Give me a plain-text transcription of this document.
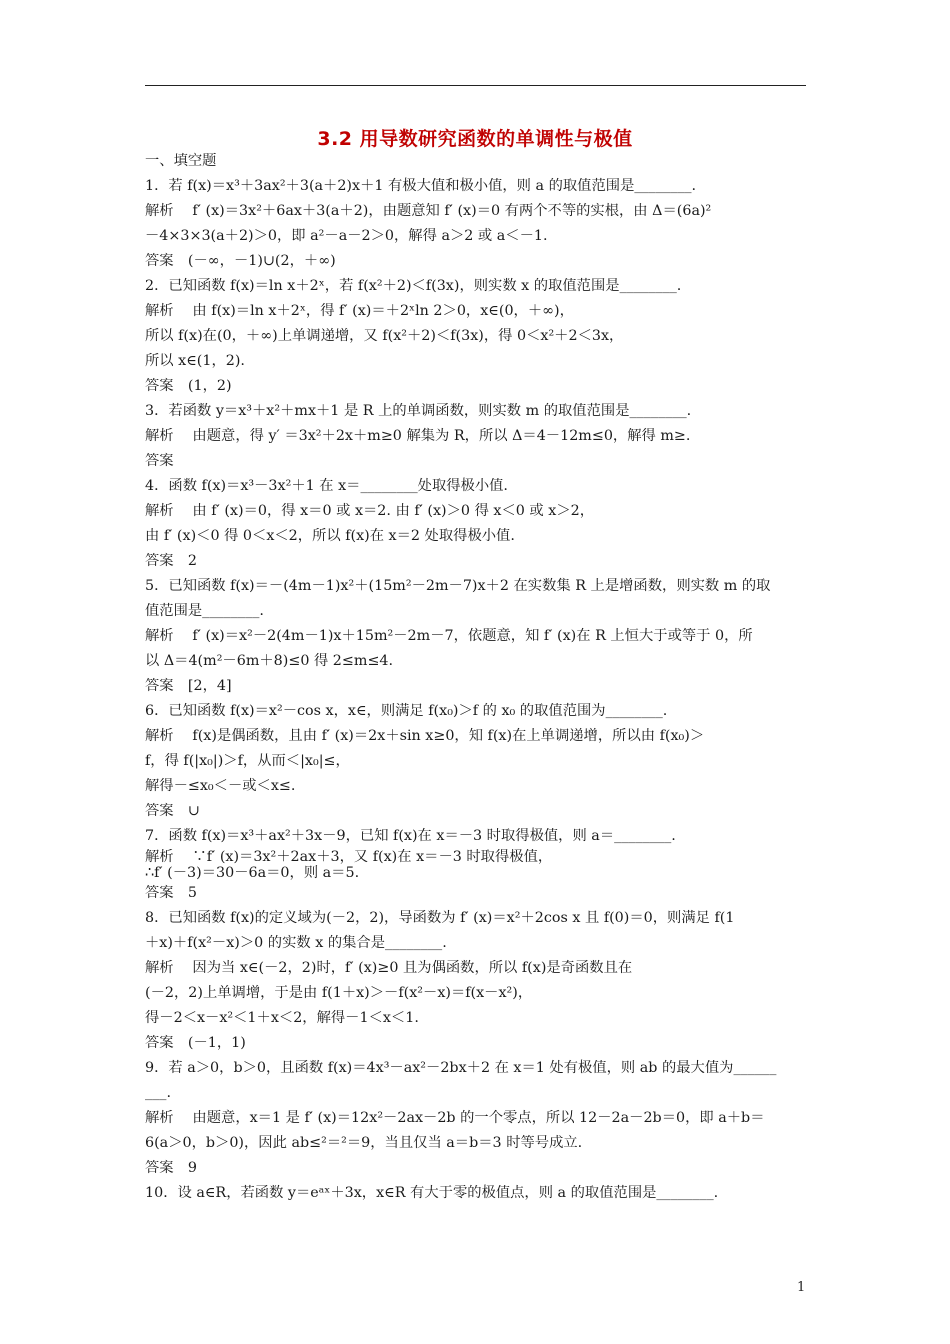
3.2 用导数研究函数的单调性与极值
一、填空题
1．若 f(x)＝x³＋3ax²＋3(a＋2)x＋1 有极大值和极小值，则 a 的取值范围是________.
解析　 f′ (x)＝3x²＋6ax＋3(a＋2)，由题意知 f′ (x)＝0 有两个不等的实根，由 Δ＝(6a)²
－4×3×3(a＋2)＞0，即 a²－a－2＞0，解得 a＞2 或 a＜－1.
答案　(－∞，－1)∪(2，＋∞)
2．已知函数 f(x)＝ln x＋2ˣ，若 f(x²＋2)＜f(3x)，则实数 x 的取值范围是________.
解析　 由 f(x)＝ln x＋2ˣ，得 f′ (x)＝＋2ˣln 2＞0，x∈(0，＋∞)，
所以 f(x)在(0，＋∞)上单调递增，又 f(x²＋2)＜f(3x)，得 0＜x²＋2＜3x，
所以 x∈(1，2).
答案　(1，2)
3．若函数 y＝x³＋x²＋mx＋1 是 R 上的单调函数，则实数 m 的取值范围是________.
解析　 由题意，得 y′ ＝3x²＋2x＋m≥0 解集为 R，所以 Δ＝4－12m≤0，解得 m≥.
答案
4．函数 f(x)＝x³－3x²＋1 在 x＝________处取得极小值.
解析　 由 f′ (x)＝0，得 x＝0 或 x＝2. 由 f′ (x)＞0 得 x＜0 或 x＞2，
由 f′ (x)＜0 得 0＜x＜2，所以 f(x)在 x＝2 处取得极小值.
答案　2
5．已知函数 f(x)＝－(4m－1)x²＋(15m²－2m－7)x＋2 在实数集 R 上是增函数，则实数 m 的取
值范围是________.
解析　 f′ (x)＝x²－2(4m－1)x＋15m²－2m－7，依题意，知 f′ (x)在 R 上恒大于或等于 0，所
以 Δ＝4(m²－6m＋8)≤0 得 2≤m≤4.
答案　[2，4]
6．已知函数 f(x)＝x²－cos x，x∈，则满足 f(x₀)＞f 的 x₀ 的取值范围为________.
解析　 f(x)是偶函数，且由 f′ (x)＝2x＋sin x≥0，知 f(x)在上单调递增，所以由 f(x₀)＞
f，得 f(|x₀|)＞f，从而＜|x₀|≤，
解得－≤x₀＜－或＜x≤.
答案　∪
7．函数 f(x)＝x³＋ax²＋3x－9，已知 f(x)在 x＝－3 时取得极值，则 a＝________.
解析　 ∵f′ (x)＝3x²＋2ax＋3，又 f(x)在 x＝－3 时取得极值，
∴f′ (－3)＝30－6a＝0，则 a＝5.
答案　5
8．已知函数 f(x)的定义域为(－2，2)，导函数为 f′ (x)＝x²＋2cos x 且 f(0)＝0，则满足 f(1
＋x)＋f(x²－x)＞0 的实数 x 的集合是________.
解析　 因为当 x∈(－2，2)时，f′ (x)≥0 且为偶函数，所以 f(x)是奇函数且在
(－2，2)上单调增，于是由 f(1＋x)＞－f(x²－x)＝f(x－x²)，
得－2＜x－x²＜1＋x＜2，解得－1＜x＜1.
答案　(－1，1)
9．若 a＞0，b＞0，且函数 f(x)＝4x³－ax²－2bx＋2 在 x＝1 处有极值，则 ab 的最大值为______
___.
解析　 由题意，x＝1 是 f′ (x)＝12x²－2ax－2b 的一个零点，所以 12－2a－2b＝0，即 a＋b＝
6(a＞0，b＞0)，因此 ab≤²＝²＝9，当且仅当 a＝b＝3 时等号成立.
答案　9
10．设 a∈R，若函数 y＝eᵃˣ＋3x，x∈R 有大于零的极值点，则 a 的取值范围是________.
1
